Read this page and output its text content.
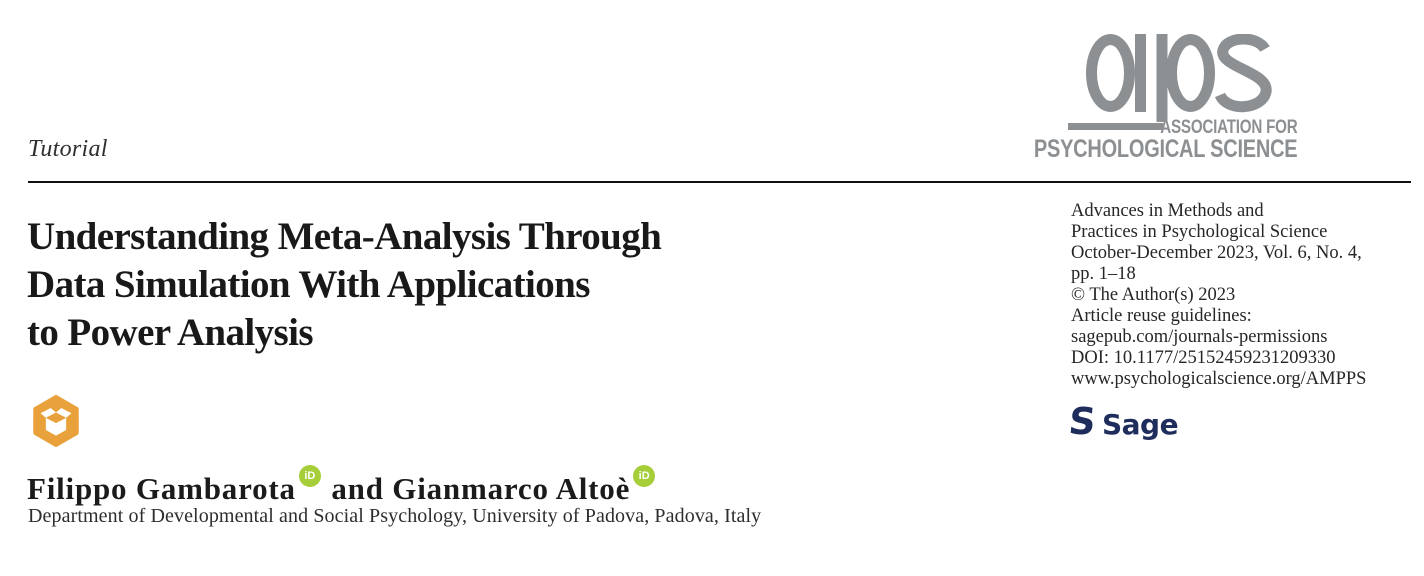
Tutorial
Understanding Meta-Analysis Through
Data Simulation With Applications
to Power Analysis
Filippo Gambarota iD and Gianmarco Altoè iD
Department of Developmental and Social Psychology, University of Padova, Padova, Italy
ASSOCIATION FOR
PSYCHOLOGICAL SCIENCE
Advances in Methods and
Practices in Psychological Science
October-December 2023, Vol. 6, No. 4,
pp. 1–18
© The Author(s) 2023
Article reuse guidelines:
sagepub.com/journals-permissions
DOI: 10.1177/25152459231209330
www.psychologicalscience.org/AMPPS
S Sage
